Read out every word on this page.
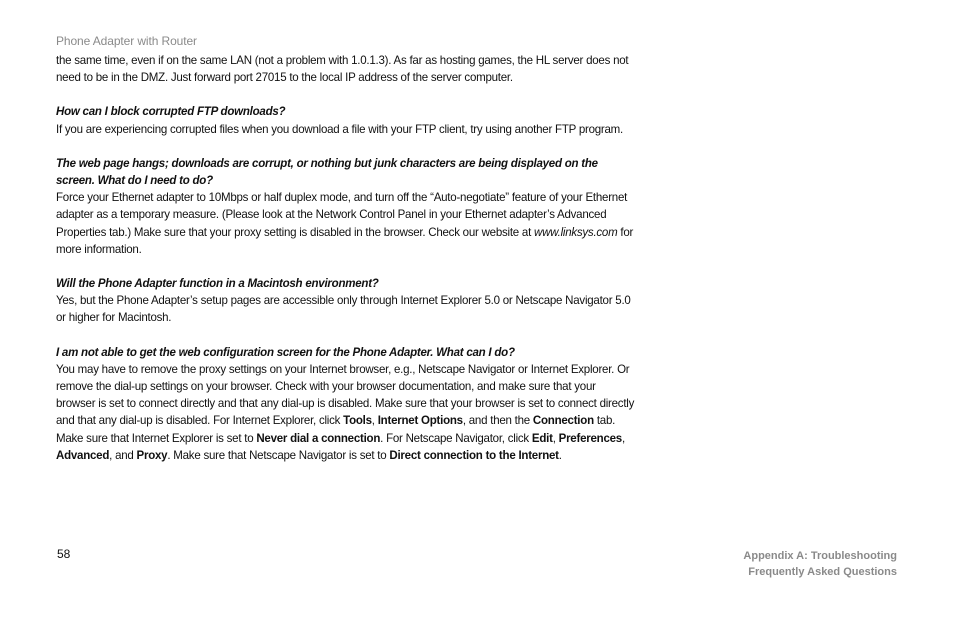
Phone Adapter with Router

the same time, even if on the same LAN (not a problem with 1.0.1.3). As far as hosting games, the HL server does not need to be in the DMZ. Just forward port 27015 to the local IP address of the server computer.

How can I block corrupted FTP downloads?

If you are experiencing corrupted files when you download a file with your FTP client, try using another FTP program.

The web page hangs; downloads are corrupt, or nothing but junk characters are being displayed on the screen. What do I need to do?

Force your Ethernet adapter to 10Mbps or half duplex mode, and turn off the “Auto-negotiate” feature of your Ethernet adapter as a temporary measure. (Please look at the Network Control Panel in your Ethernet adapter’s Advanced Properties tab.) Make sure that your proxy setting is disabled in the browser. Check our website at www.linksys.com for more information.

Will the Phone Adapter function in a Macintosh environment?

Yes, but the Phone Adapter’s setup pages are accessible only through Internet Explorer 5.0 or Netscape Navigator 5.0 or higher for Macintosh.

I am not able to get the web configuration screen for the Phone Adapter. What can I do?

You may have to remove the proxy settings on your Internet browser, e.g., Netscape Navigator or Internet Explorer. Or remove the dial-up settings on your browser. Check with your browser documentation, and make sure that your browser is set to connect directly and that any dial-up is disabled. Make sure that your browser is set to connect directly and that any dial-up is disabled. For Internet Explorer, click Tools, Internet Options, and then the Connection tab. Make sure that Internet Explorer is set to Never dial a connection. For Netscape Navigator, click Edit, Preferences, Advanced, and Proxy. Make sure that Netscape Navigator is set to Direct connection to the Internet.

58	Appendix A: Troubleshooting
Frequently Asked Questions
